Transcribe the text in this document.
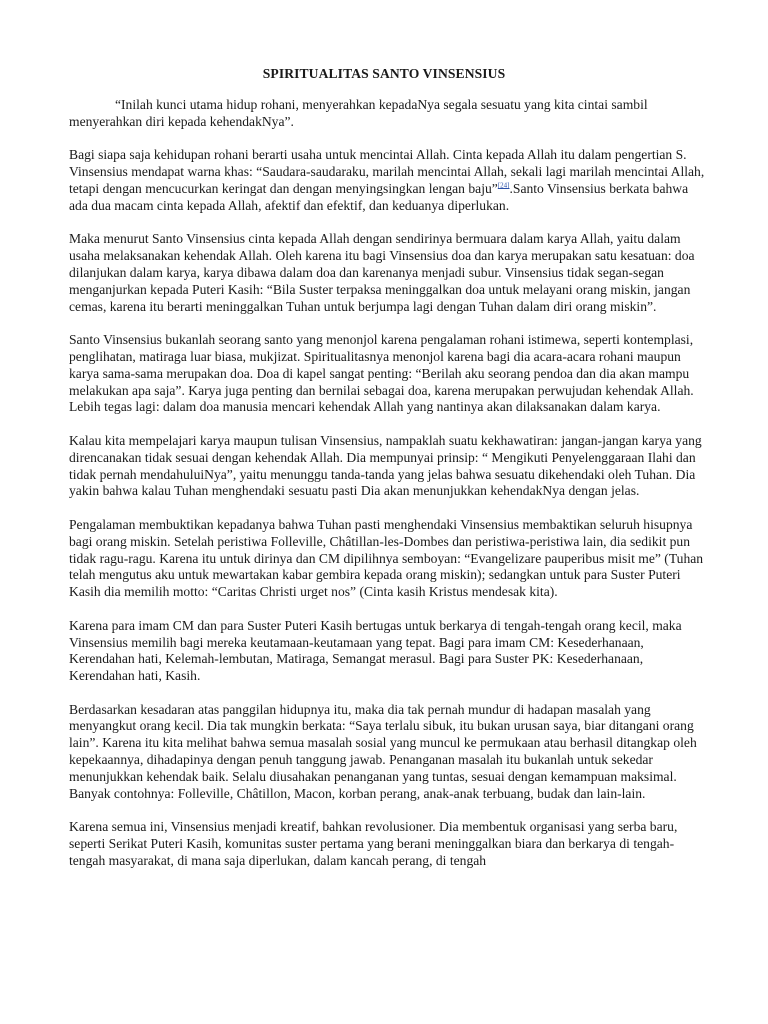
SPIRITUALITAS SANTO VINSENSIUS

“Inilah kunci utama hidup rohani, menyerahkan kepadaNya segala sesuatu yang kita cintai sambil menyerahkan diri kepada kehendakNya”.

Bagi siapa saja kehidupan rohani berarti usaha untuk mencintai Allah. Cinta kepada Allah itu dalam pengertian S. Vinsensius mendapat warna khas: “Saudara-saudaraku, marilah mencintai Allah, sekali lagi marilah mencintai Allah, tetapi dengan mencucurkan keringat dan dengan menyingsingkan lengan baju”[24].Santo Vinsensius berkata bahwa ada dua macam cinta kepada Allah, afektif dan efektif, dan keduanya diperlukan.

Maka menurut Santo Vinsensius cinta kepada Allah dengan sendirinya bermuara dalam karya Allah, yaitu dalam usaha melaksanakan kehendak Allah. Oleh karena itu bagi Vinsensius doa dan karya merupakan satu kesatuan: doa dilanjukan dalam karya, karya dibawa dalam doa dan karenanya menjadi subur. Vinsensius tidak segan-segan menganjurkan kepada Puteri Kasih: “Bila Suster terpaksa meninggalkan doa untuk melayani orang miskin, jangan cemas, karena itu berarti meninggalkan Tuhan untuk berjumpa lagi dengan Tuhan dalam diri orang miskin”.

Santo Vinsensius bukanlah seorang santo yang menonjol karena pengalaman rohani istimewa, seperti kontemplasi, penglihatan, matiraga luar biasa, mukjizat. Spiritualitasnya menonjol karena bagi dia acara-acara rohani maupun karya sama-sama merupakan doa. Doa di kapel sangat penting: “Berilah aku seorang pendoa dan dia akan mampu melakukan apa saja”. Karya juga penting dan bernilai sebagai doa, karena merupakan perwujudan kehendak Allah. Lebih tegas lagi: dalam doa manusia mencari kehendak Allah yang nantinya akan dilaksanakan dalam karya.

Kalau kita mempelajari karya maupun tulisan Vinsensius, nampaklah suatu kekhawatiran: jangan-jangan karya yang direncanakan tidak sesuai dengan kehendak Allah. Dia mempunyai prinsip: “ Mengikuti Penyelenggaraan Ilahi dan tidak pernah mendahuluiNya”, yaitu menunggu tanda-tanda yang jelas bahwa sesuatu dikehendaki oleh Tuhan. Dia yakin bahwa kalau Tuhan menghendaki sesuatu pasti Dia akan menunjukkan kehendakNya dengan jelas.

Pengalaman membuktikan kepadanya bahwa Tuhan pasti menghendaki Vinsensius membaktikan seluruh hisupnya bagi orang miskin. Setelah peristiwa Folleville, Châtillan-les-Dombes dan peristiwa-peristiwa lain, dia sedikit pun tidak ragu-ragu. Karena itu untuk dirinya dan CM dipilihnya semboyan: “Evangelizare pauperibus misit me” (Tuhan telah mengutus aku untuk mewartakan kabar gembira kepada orang miskin); sedangkan untuk para Suster Puteri Kasih dia memilih motto: “Caritas Christi urget nos” (Cinta kasih Kristus mendesak kita).

Karena para imam CM dan para Suster Puteri Kasih bertugas untuk berkarya di tengah-tengah orang kecil, maka Vinsensius memilih bagi mereka keutamaan-keutamaan yang tepat. Bagi para imam CM: Kesederhanaan, Kerendahan hati, Kelemah-lembutan, Matiraga, Semangat merasul. Bagi para Suster PK: Kesederhanaan, Kerendahan hati, Kasih.

Berdasarkan kesadaran atas panggilan hidupnya itu, maka dia tak pernah mundur di hadapan masalah yang menyangkut orang kecil. Dia tak mungkin berkata: “Saya terlalu sibuk, itu bukan urusan saya, biar ditangani orang lain”. Karena itu kita melihat bahwa semua masalah sosial yang muncul ke permukaan atau berhasil ditangkap oleh kepekaannya, dihadapinya dengan penuh tanggung jawab. Penanganan masalah itu bukanlah untuk sekedar menunjukkan kehendak baik. Selalu diusahakan penanganan yang tuntas, sesuai dengan kemampuan maksimal. Banyak contohnya: Folleville, Châtillon, Macon, korban perang, anak-anak terbuang, budak dan lain-lain.

Karena semua ini, Vinsensius menjadi kreatif, bahkan revolusioner. Dia membentuk organisasi yang serba baru, seperti Serikat Puteri Kasih, komunitas suster pertama yang berani meninggalkan biara dan berkarya di tengah-tengah masyarakat, di mana saja diperlukan, dalam kancah perang, di tengah
